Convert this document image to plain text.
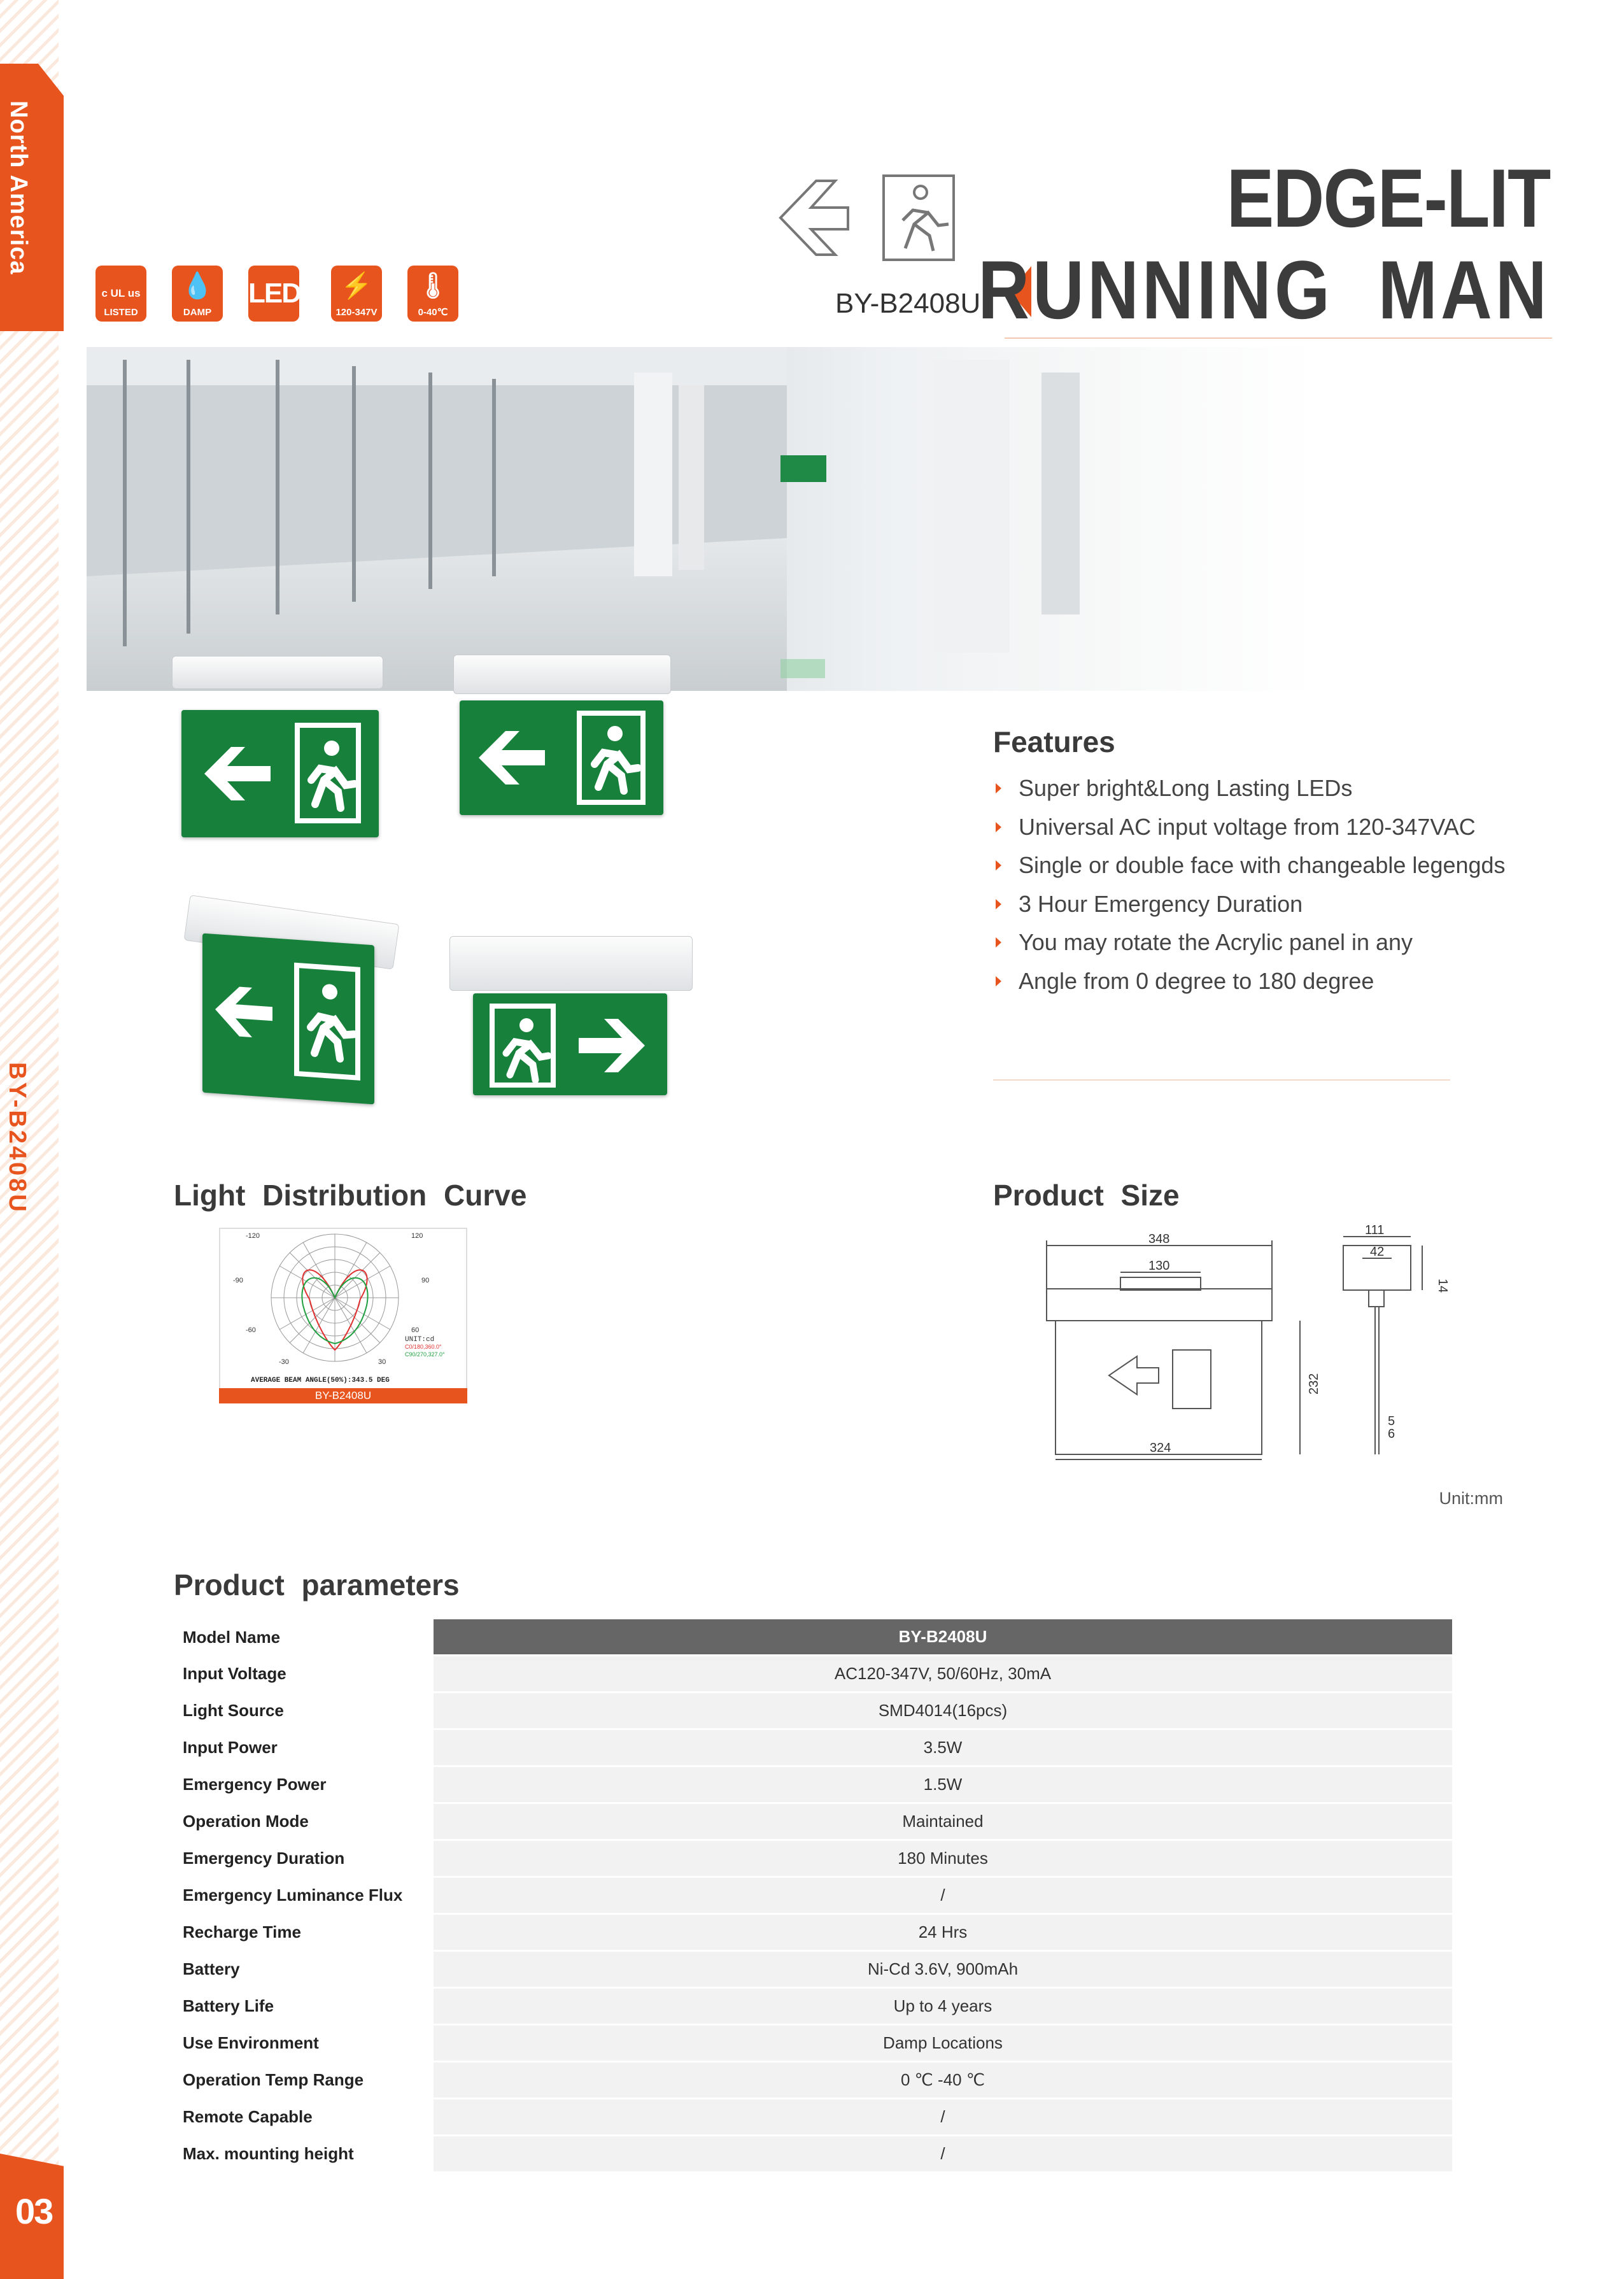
North America
BY-B2408U
03
c UL us
LISTED
💧
DAMP
LED	⚡
120-347V
🌡
0-40℃	BY-B2408U
EDGE-LIT
RUNNING MAN
Features
Super bright&Long Lasting LEDs
Universal AC input voltage from 120-347VAC
Single or double face with changeable legengds
3 Hour Emergency Duration
You may rotate the Acrylic panel in any
Angle from 0 degree to 180 degree
Light Distribution Curve
-120	120
-90	90
-60	60
-30	30
UNIT:cd
C0/180,360.0°
C90/270,327.0°
AVERAGE BEAM ANGLE(50%):343.5 DEG
BY-B2408U
Product Size
348
130
324
232
111
42
14
5
6
Unit:mm
Product parameters
Model Name	BY-B2408U
Input Voltage	AC120-347V, 50/60Hz, 30mA
Light Source	SMD4014(16pcs)
Input Power	3.5W
Emergency Power	1.5W
Operation Mode	Maintained
Emergency Duration	180 Minutes
Emergency Luminance Flux	/
Recharge Time	24 Hrs
Battery	Ni-Cd 3.6V, 900mAh
Battery Life	Up to 4 years
Use Environment	Damp Locations
Operation Temp Range	0 ℃ -40 ℃
Remote Capable	/
Max. mounting height	/
